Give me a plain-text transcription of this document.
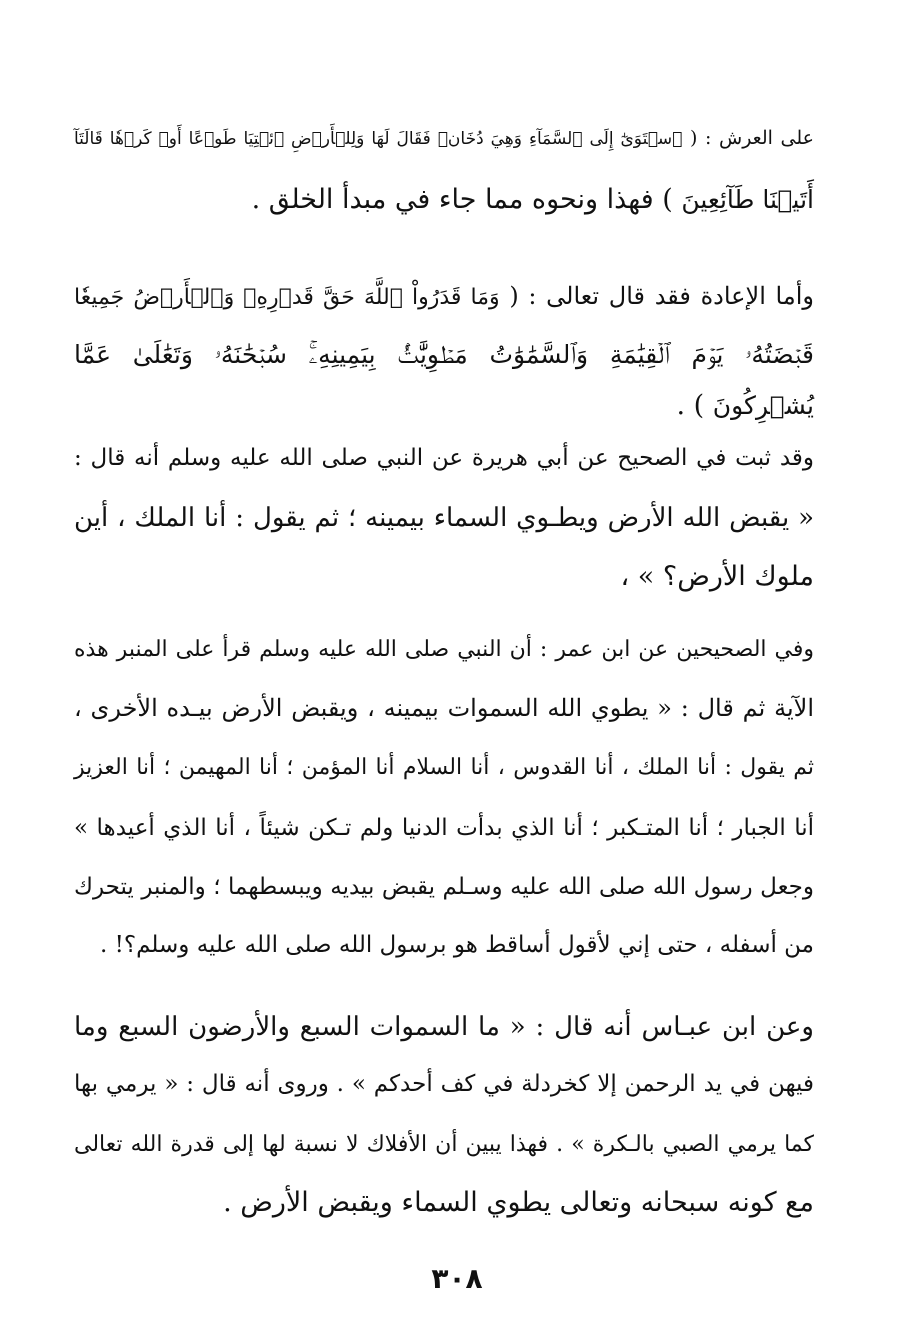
على العرش : ( ٱسۡتَوَىٰٓ إِلَى ٱلسَّمَآءِ وَهِيَ دُخَانٞ فَقَالَ لَهَا وَلِلۡأَرۡضِ ٱئۡتِيَا طَوۡعًا أَوۡ كَرۡهٗا قَالَتَآ
أَتَيۡنَا طَآئِعِينَ ) فهذا ونحوه مما جاء في مبدأ الخلق .
وأما الإعادة فقد قال تعالى : ( وَمَا قَدَرُواْ ٱللَّهَ حَقَّ قَدۡرِهِۦ وَٱلۡأَرۡضُ جَمِيعٗا
قَبۡضَتُهُۥ يَوۡمَ ٱلۡقِيَٰمَةِ وَٱلسَّمَٰوَٰتُ مَطۡوِيَّٰتُۢ بِيَمِينِهِۦۚ سُبۡحَٰنَهُۥ وَتَعَٰلَىٰ عَمَّا
يُشۡرِكُونَ ) .
وقد ثبت في الصحيح عن أبي هريرة عن النبي صلى الله عليه وسلم أنه قال :
« يقبض الله الأرض ويطـوي السماء بيمينه ؛ ثم يقول : أنا الملك ، أين
ملوك الأرض؟ » ،
وفي الصحيحين عن ابن عمر : أن النبي صلى الله عليه وسلم قرأ على المنبر هذه
الآية ثم قال : « يطوي الله السموات بيمينه ، ويقبض الأرض بيـده الأخرى ،
ثم يقول : أنا الملك ، أنا القدوس ، أنا السلام أنا المؤمن ؛ أنا المهيمن ؛ أنا العزيز
أنا الجبار ؛ أنا المتـكبر ؛ أنا الذي بدأت الدنيا ولم تـكن شيئاً ، أنا الذي أعيدها »
وجعل رسول الله صلى الله عليه وسـلم يقبض بيديه ويبسطهما ؛ والمنبر يتحرك
من أسفله ، حتى إني لأقول أساقط هو برسول الله صلى الله عليه وسلم؟! .
وعن ابن عبـاس أنه قال : « ما السموات السبع والأرضون السبع وما
فيهن في يد الرحمن إلا كخردلة في كف أحدكم » . وروى أنه قال : « يرمي بها
كما يرمي الصبي بالـكرة » . فهذا يبين أن الأفلاك لا نسبة لها إلى قدرة الله تعالى
مع كونه سبحانه وتعالى يطوي السماء ويقبض الأرض .
٣٠٨
